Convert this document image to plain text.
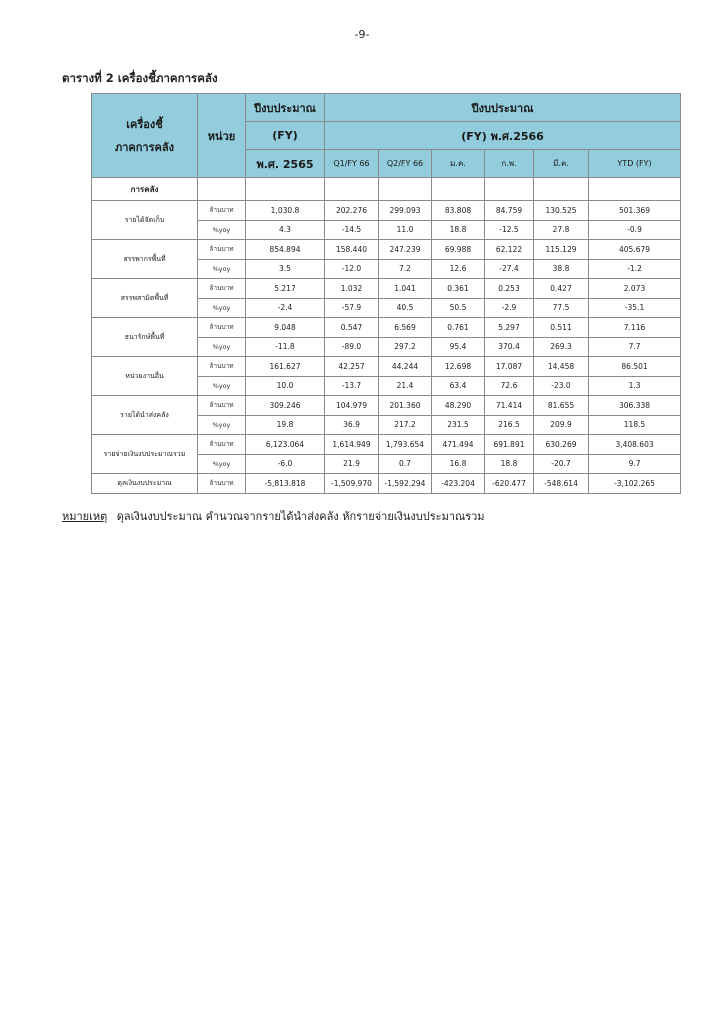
-9-
ตารางที่ 2 เครื่องชี้ภาคการคลัง
เครื่องชี้
ภาคการคลัง	หน่วย	ปีงบประมาณ	ปีงบประมาณ					
		(FY)	(FY) พ.ศ.2566					
		พ.ศ. 2565	Q1/FY 66	Q2/FY 66	ม.ค.	ก.พ.	มี.ค.	YTD (FY)
การคลัง								
รายได้จัดเก็บ	ล้านบาท	1,030.8	202.276	299.093	83.808	84.759	130.525	501.369
	%yoy	4.3	-14.5	11.0	18.8	-12.5	27.8	-0.9
สรรพากรพื้นที่	ล้านบาท	854.894	158.440	247.239	69.988	62.122	115.129	405.679
	%yoy	3.5	-12.0	7.2	12.6	-27.4	38.8	-1.2
สรรพสามิตพื้นที่	ล้านบาท	5.217	1.032	1.041	0.361	0.253	0.427	2.073
	%yoy	-2.4	-57.9	40.5	50.5	-2.9	77.5	-35.1
ธนารักษ์พื้นที่	ล้านบาท	9.048	0.547	6.569	0.761	5.297	0.511	7.116
	%yoy	-11.8	-89.0	297.2	95.4	370.4	269.3	7.7
หน่วยงานอื่น	ล้านบาท	161.627	42.257	44.244	12.698	17.087	14.458	86.501
	%yoy	10.0	-13.7	21.4	63.4	72.6	-23.0	1.3
รายได้นำส่งคลัง	ล้านบาท	309.246	104.979	201.360	48.290	71.414	81.655	306.338
	%yoy	19.8	36.9	217.2	231.5	216.5	209.9	118.5
รายจ่ายเงินงบประมาณรวม	ล้านบาท	6,123.064	1,614.949	1,793.654	471.494	691.891	630.269	3,408.603
	%yoy	-6.0	21.9	0.7	16.8	18.8	-20.7	9.7
ดุลเงินงบประมาณ	ล้านบาท	-5,813.818	-1,509.970	-1,592.294	-423.204	-620.477	-548.614	-3,102.265
หมายเหตุ ดุลเงินงบประมาณ คำนวณจากรายได้นำส่งคลัง หักรายจ่ายเงินงบประมาณรวม
